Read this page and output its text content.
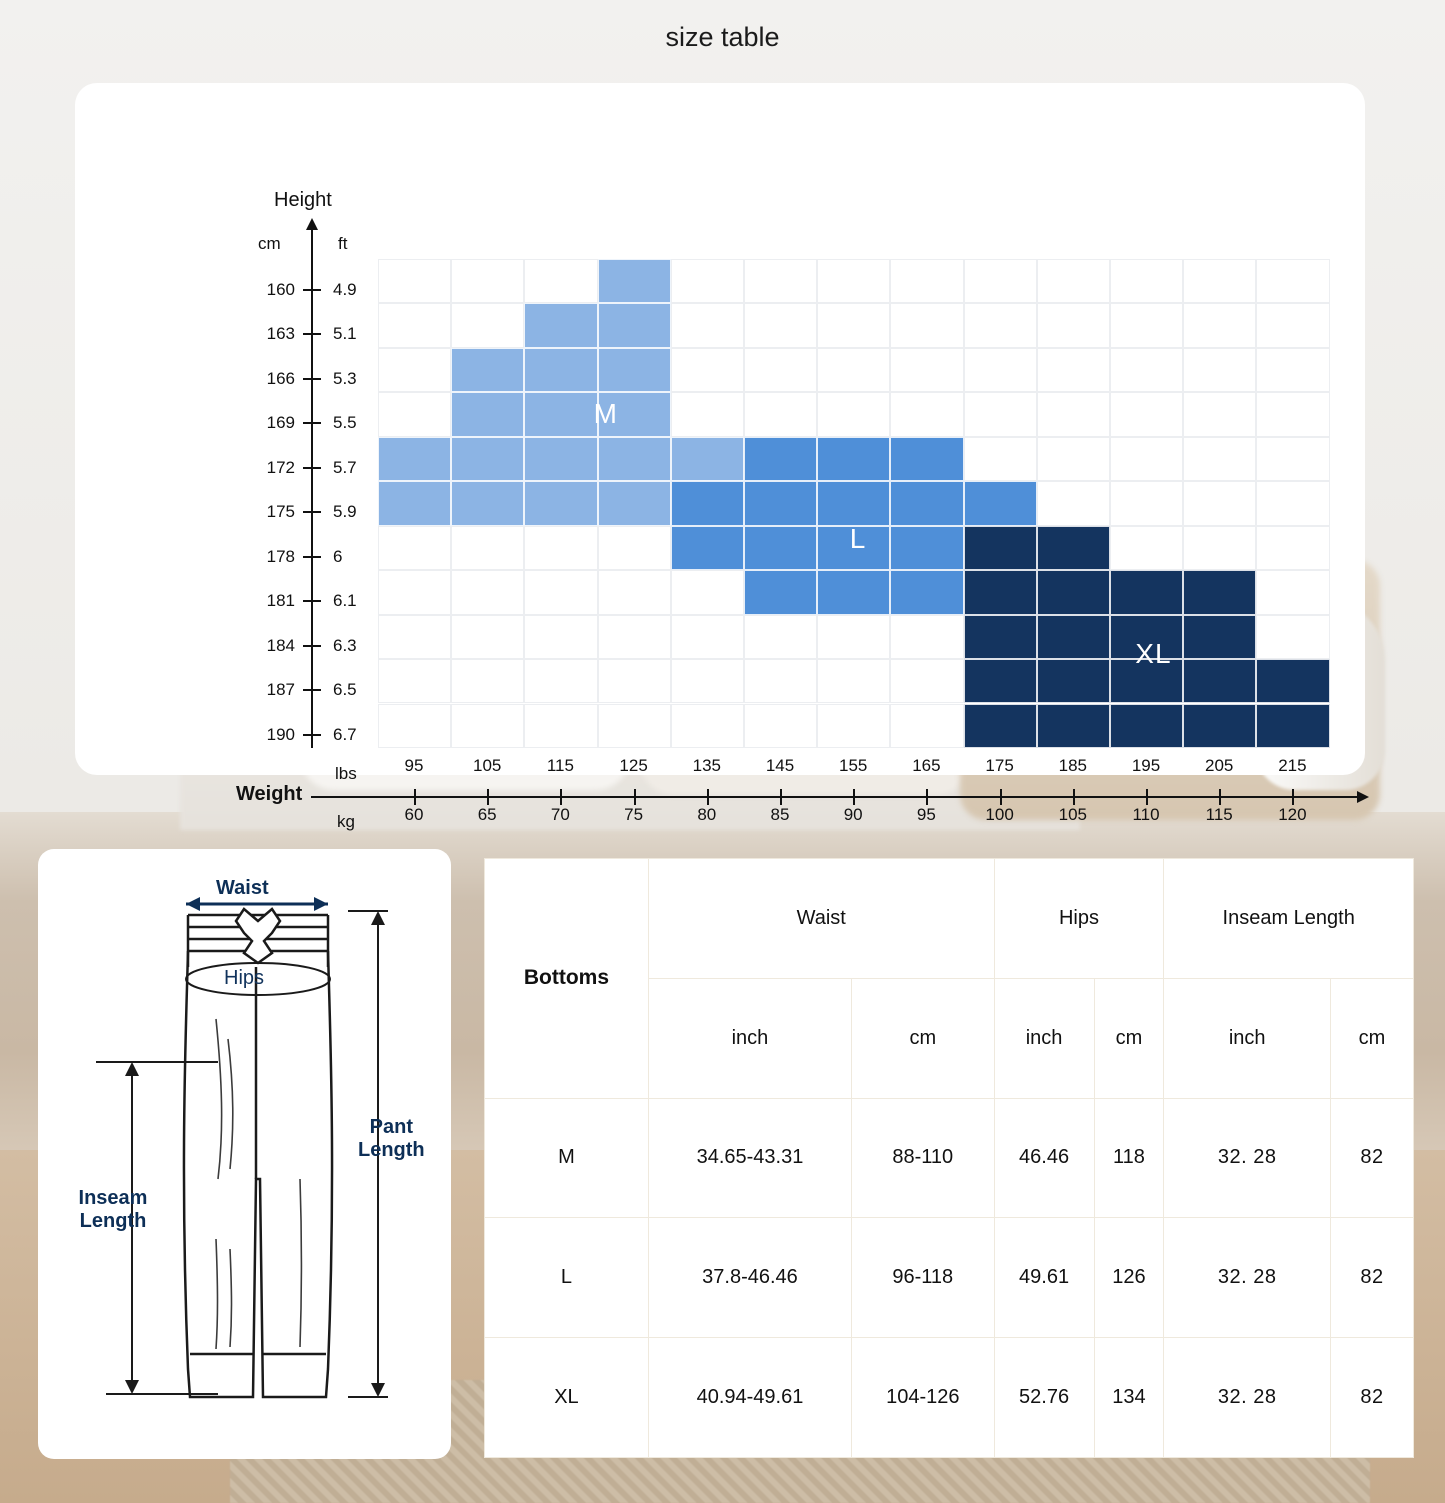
size table
Height
Weight
cm	ft
lbs
kg
160 4.9
163 5.1
166 5.3
169 5.5
172 5.7
175 5.9
178 6
181 6.1
184 6.3
187 6.5
190 6.7
95
60
105
65
115
70
125
75
135
80
145
85
155
90
165
95
175
100
185
105
195
110
205
115
215
120
M
L
XL
Waist
Hips
Pant
Length
Inseam
Length
Bottoms	Waist		Hips		Inseam Length	
	inch	cm	inch	cm	inch	cm
M	34.65-43.31	88-110	46.46	118	32. 28	82
L	37.8-46.46	96-118	49.61	126	32. 28	82
XL	40.94-49.61	104-126	52.76	134	32. 28	82
